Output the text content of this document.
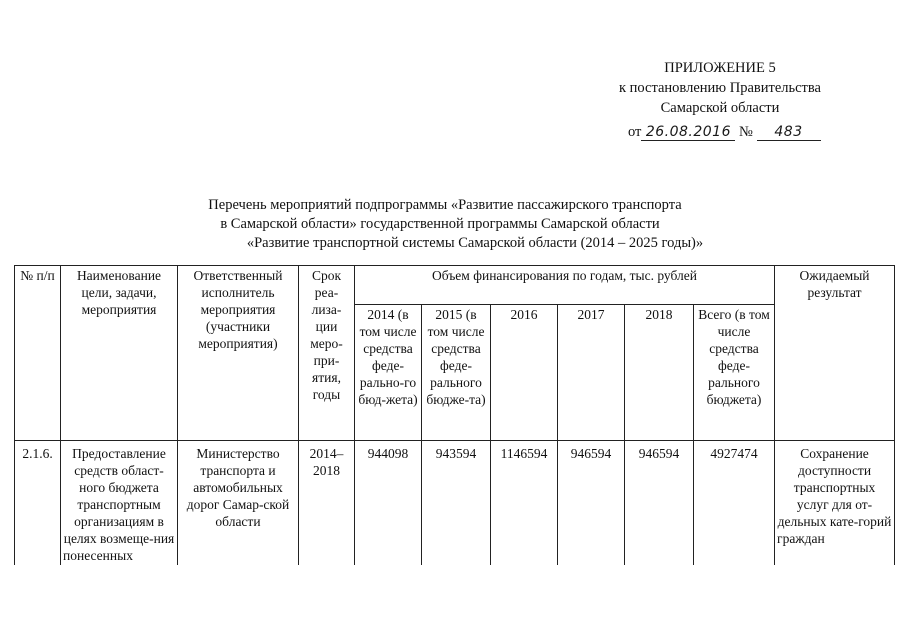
ПРИЛОЖЕНИЕ 5
к постановлению Правительства
Самарской области
от 26.08.2016 № 483
Перечень мероприятий подпрограммы «Развитие пассажирского транспорта
в Самарской области» государственной программы Самарской области
«Развитие транспортной системы Самарской области (2014 – 2025 годы)»
№ п/п	Наименование цели, задачи, мероприятия	Ответственный исполнитель мероприятия (участники мероприятия)	Срок реа-лиза-ции меро-при-ятия, годы	Объем финансирования по годам, тыс. рублей						Ожидаемый результат
				2014 (в том числе средства феде-рально-го бюд-жета)	2015 (в том числе средства феде-рального бюдже-та)	2016	2017	2018	Всего (в том числе средства феде-рального бюджета)	
2.1.6.	Предоставление средств област-ного бюджета транспортным организациям в целях возмеще-ния понесенных	Министерство транспорта и автомобильных дорог Самар-ской области	2014–2018	944098	943594	1146594	946594	946594	4927474	Сохранение доступности транспортных услуг для от-дельных кате-горий граждан
